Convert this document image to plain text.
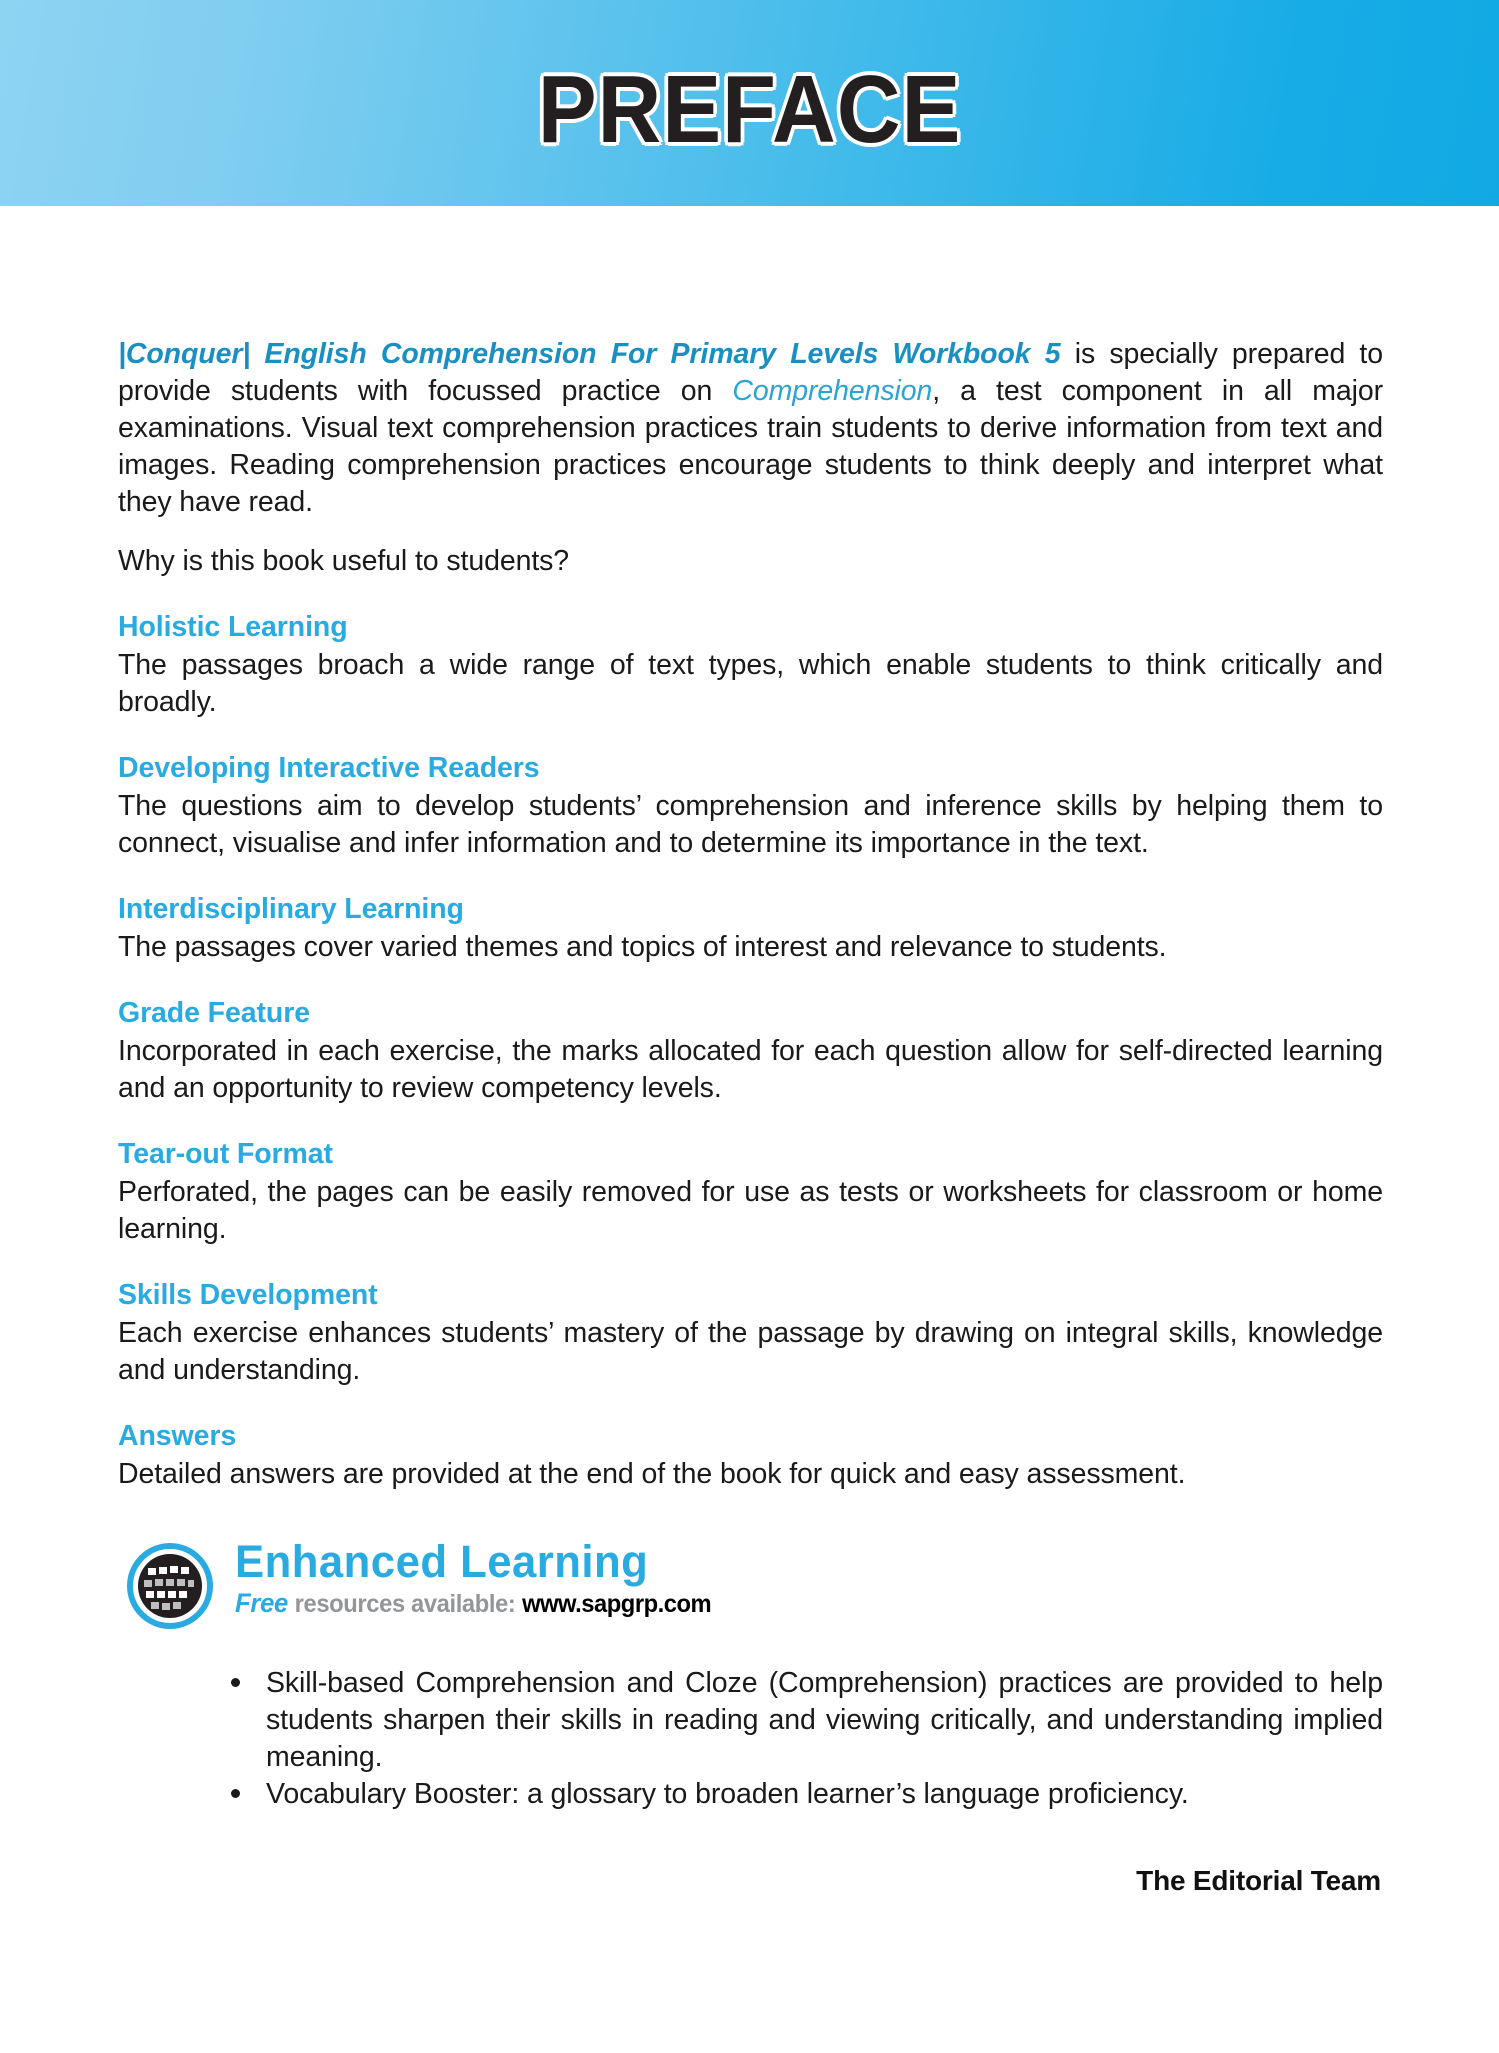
PREFACE

|Conquer| English Comprehension For Primary Levels Workbook 5 is specially prepared to provide students with focussed practice on Comprehension, a test component in all major examinations. Visual text comprehension practices train students to derive information from text and images. Reading comprehension practices encourage students to think deeply and interpret what they have read.

Why is this book useful to students?

Holistic Learning

The passages broach a wide range of text types, which enable students to think critically and broadly.

Developing Interactive Readers

The questions aim to develop students’ comprehension and inference skills by helping them to connect, visualise and infer information and to determine its importance in the text.

Interdisciplinary Learning

The passages cover varied themes and topics of interest and relevance to students.

Grade Feature

Incorporated in each exercise, the marks allocated for each question allow for self-directed learning and an opportunity to review competency levels.

Tear-out Format

Perforated, the pages can be easily removed for use as tests or worksheets for classroom or home learning.

Skills Development

Each exercise enhances students’ mastery of the passage by drawing on integral skills, knowledge and understanding.

Answers

Detailed answers are provided at the end of the book for quick and easy assessment.

Enhanced Learning
Free resources available: www.sapgrp.com
Skill-based Comprehension and Cloze (Comprehension) practices are provided to help students sharpen their skills in reading and viewing critically, and understanding implied meaning.
Vocabulary Booster: a glossary to broaden learner’s language proficiency.
The Editorial Team
